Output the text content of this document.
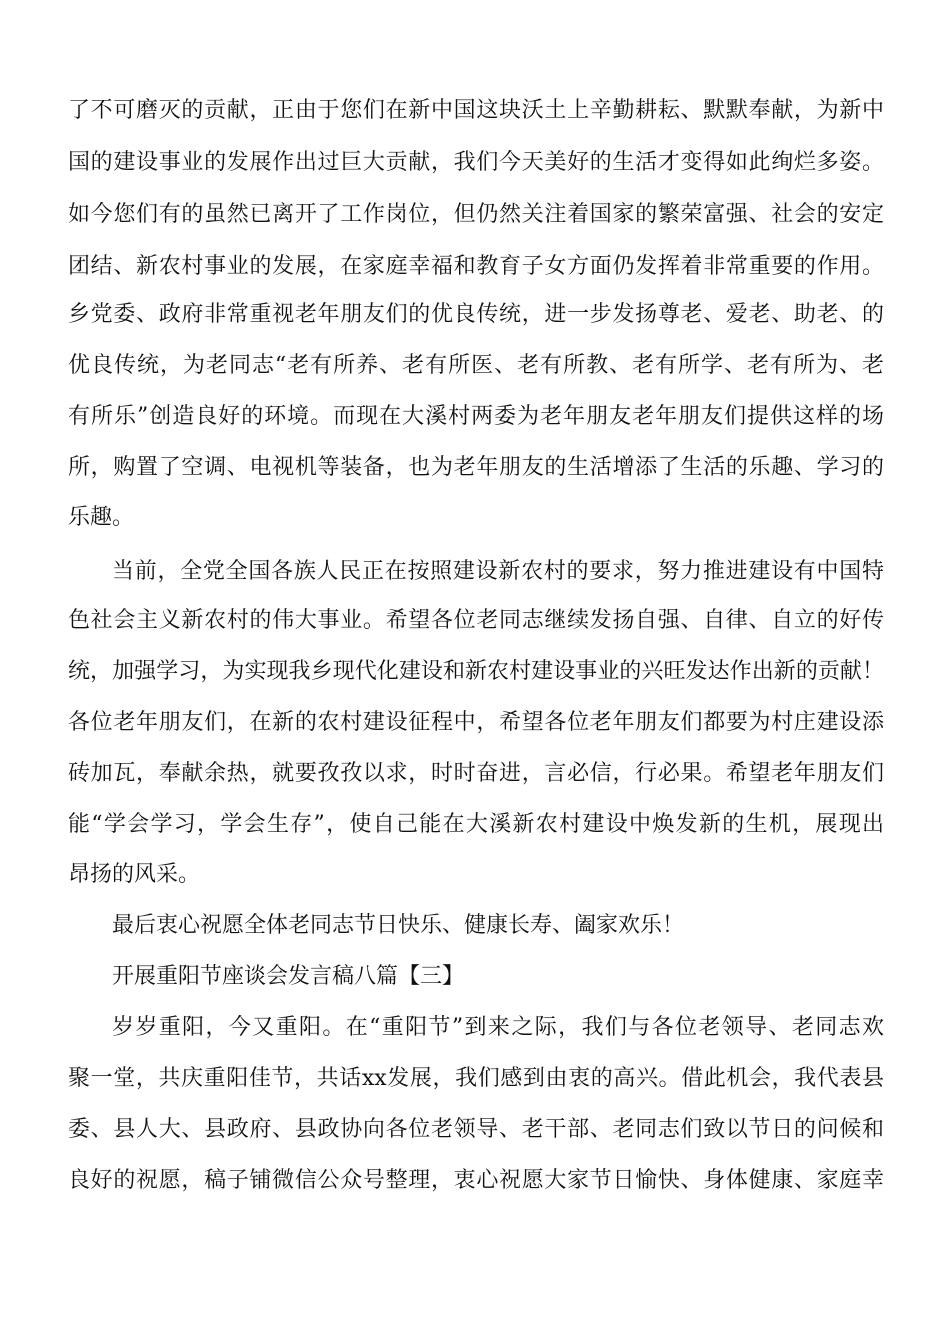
了不可磨灭的贡献，正由于您们在新中国这块沃土上辛勤耕耘、默默奉献，为新中
国的建设事业的发展作出过巨大贡献，我们今天美好的生活才变得如此绚烂多姿。
如今您们有的虽然已离开了工作岗位，但仍然关注着国家的繁荣富强、社会的安定
团结、新农村事业的发展，在家庭幸福和教育子女方面仍发挥着非常重要的作用。
乡党委、政府非常重视老年朋友们的优良传统，进一步发扬尊老、爱老、助老、的
优良传统，为老同志“老有所养、老有所医、老有所教、老有所学、老有所为、老
有所乐”创造良好的环境。而现在大溪村两委为老年朋友老年朋友们提供这样的场
所，购置了空调、电视机等装备，也为老年朋友的生活增添了生活的乐趣、学习的
乐趣。
当前，全党全国各族人民正在按照建设新农村的要求，努力推进建设有中国特
色社会主义新农村的伟大事业。希望各位老同志继续发扬自强、自律、自立的好传
统，加强学习，为实现我乡现代化建设和新农村建设事业的兴旺发达作出新的贡献！
各位老年朋友们，在新的农村建设征程中，希望各位老年朋友们都要为村庄建设添
砖加瓦，奉献余热，就要孜孜以求，时时奋进，言必信，行必果。希望老年朋友们
能“学会学习，学会生存”，使自己能在大溪新农村建设中焕发新的生机，展现出
昂扬的风采。
最后衷心祝愿全体老同志节日快乐、健康长寿、阖家欢乐！
开展重阳节座谈会发言稿八篇【三】
岁岁重阳，今又重阳。在“重阳节”到来之际，我们与各位老领导、老同志欢
聚一堂，共庆重阳佳节，共话xx发展，我们感到由衷的高兴。借此机会，我代表县
委、县人大、县政府、县政协向各位老领导、老干部、老同志们致以节日的问候和
良好的祝愿，稿子铺微信公众号整理，衷心祝愿大家节日愉快、身体健康、家庭幸
